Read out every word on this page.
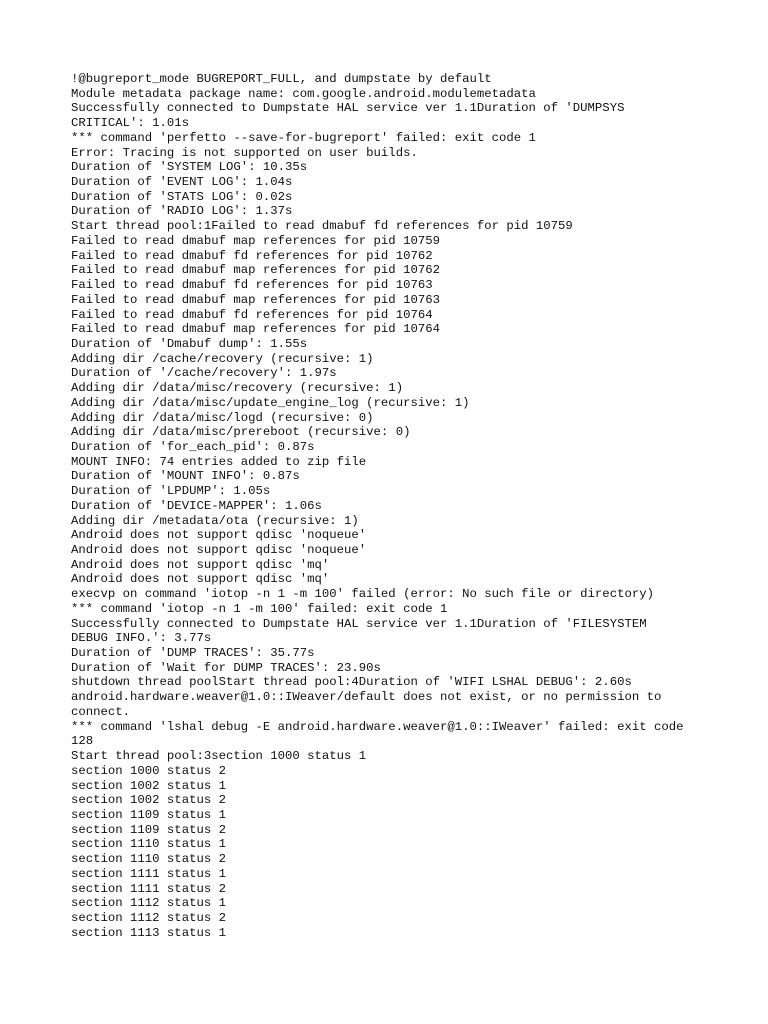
!@bugreport_mode BUGREPORT_FULL, and dumpstate by default
Module metadata package name: com.google.android.modulemetadata
Successfully connected to Dumpstate HAL service ver 1.1Duration of 'DUMPSYS
CRITICAL': 1.01s
*** command 'perfetto --save-for-bugreport' failed: exit code 1
Error: Tracing is not supported on user builds.
Duration of 'SYSTEM LOG': 10.35s
Duration of 'EVENT LOG': 1.04s
Duration of 'STATS LOG': 0.02s
Duration of 'RADIO LOG': 1.37s
Start thread pool:1Failed to read dmabuf fd references for pid 10759
Failed to read dmabuf map references for pid 10759
Failed to read dmabuf fd references for pid 10762
Failed to read dmabuf map references for pid 10762
Failed to read dmabuf fd references for pid 10763
Failed to read dmabuf map references for pid 10763
Failed to read dmabuf fd references for pid 10764
Failed to read dmabuf map references for pid 10764
Duration of 'Dmabuf dump': 1.55s
Adding dir /cache/recovery (recursive: 1)
Duration of '/cache/recovery': 1.97s
Adding dir /data/misc/recovery (recursive: 1)
Adding dir /data/misc/update_engine_log (recursive: 1)
Adding dir /data/misc/logd (recursive: 0)
Adding dir /data/misc/prereboot (recursive: 0)
Duration of 'for_each_pid': 0.87s
MOUNT INFO: 74 entries added to zip file
Duration of 'MOUNT INFO': 0.87s
Duration of 'LPDUMP': 1.05s
Duration of 'DEVICE-MAPPER': 1.06s
Adding dir /metadata/ota (recursive: 1)
Android does not support qdisc 'noqueue'
Android does not support qdisc 'noqueue'
Android does not support qdisc 'mq'
Android does not support qdisc 'mq'
execvp on command 'iotop -n 1 -m 100' failed (error: No such file or directory)
*** command 'iotop -n 1 -m 100' failed: exit code 1
Successfully connected to Dumpstate HAL service ver 1.1Duration of 'FILESYSTEM
DEBUG INFO.': 3.77s
Duration of 'DUMP TRACES': 35.77s
Duration of 'Wait for DUMP TRACES': 23.90s
shutdown thread poolStart thread pool:4Duration of 'WIFI LSHAL DEBUG': 2.60s
android.hardware.weaver@1.0::IWeaver/default does not exist, or no permission to
connect.
*** command 'lshal debug -E android.hardware.weaver@1.0::IWeaver' failed: exit code
128
Start thread pool:3section 1000 status 1
section 1000 status 2
section 1002 status 1
section 1002 status 2
section 1109 status 1
section 1109 status 2
section 1110 status 1
section 1110 status 2
section 1111 status 1
section 1111 status 2
section 1112 status 1
section 1112 status 2
section 1113 status 1
